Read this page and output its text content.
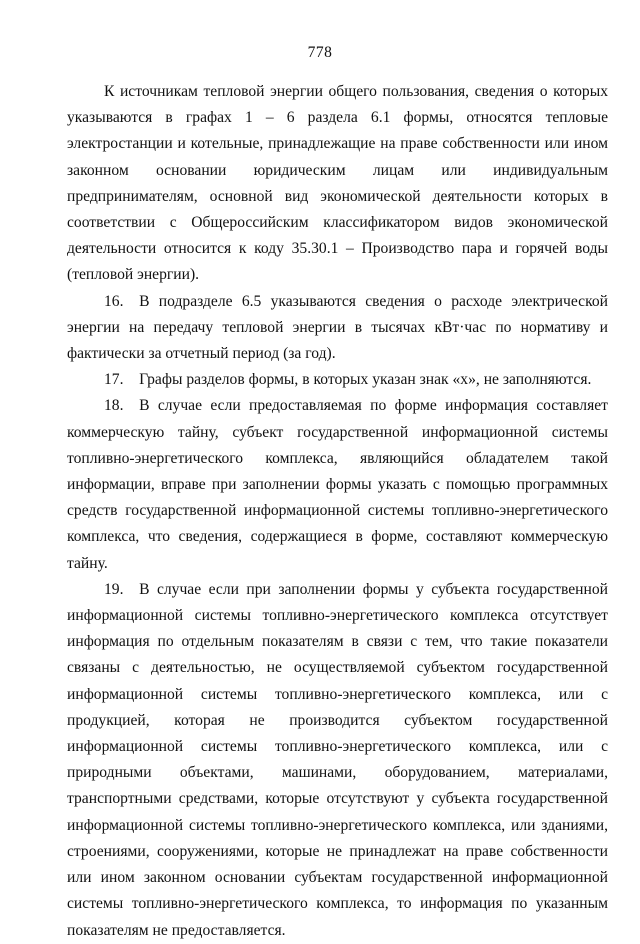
778

К источникам тепловой энергии общего пользования, сведения о которых указываются в графах 1 – 6 раздела 6.1 формы, относятся тепловые электростанции и котельные, принадлежащие на праве собственности или ином законном основании юридическим лицам или индивидуальным предпринимателям, основной вид экономической деятельности которых в соответствии с Общероссийским классификатором видов экономической деятельности относится к коду 35.30.1 – Производство пара и горячей воды (тепловой энергии).

16. В подразделе 6.5 указываются сведения о расходе электрической энергии на передачу тепловой энергии в тысячах кВт·час по нормативу и фактически за отчетный период (за год).

17. Графы разделов формы, в которых указан знак «х», не заполняются.

18. В случае если предоставляемая по форме информация составляет коммерческую тайну, субъект государственной информационной системы топливно-энергетического комплекса, являющийся обладателем такой информации, вправе при заполнении формы указать с помощью программных средств государственной информационной системы топливно-энергетического комплекса, что сведения, содержащиеся в форме, составляют коммерческую тайну.

19. В случае если при заполнении формы у субъекта государственной информационной системы топливно-энергетического комплекса отсутствует информация по отдельным показателям в связи с тем, что такие показатели связаны с деятельностью, не осуществляемой субъектом государственной информационной системы топливно-энергетического комплекса, или с продукцией, которая не производится субъектом государственной информационной системы топливно-энергетического комплекса, или с природными объектами, машинами, оборудованием, материалами, транспортными средствами, которые отсутствуют у субъекта государственной информационной системы топливно-энергетического комплекса, или зданиями, строениями, сооружениями, которые не принадлежат на праве собственности или ином законном основании субъектам государственной информационной системы топливно-энергетического комплекса, то информация по указанным показателям не предоставляется.
